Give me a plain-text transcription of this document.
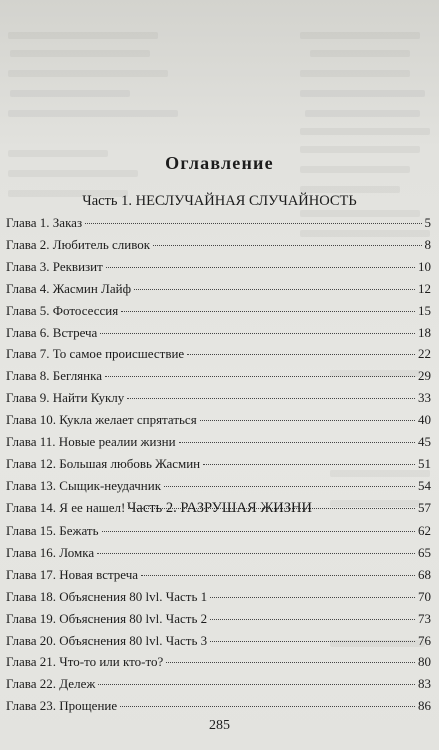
Оглавление
Часть 1. НЕСЛУЧАЙНАЯ СЛУЧАЙНОСТЬ
Глава 1. Заказ	5
Глава 2. Любитель сливок	8
Глава 3. Реквизит	10
Глава 4. Жасмин Лайф	12
Глава 5. Фотосессия	15
Глава 6. Встреча	18
Глава 7. То самое происшествие	22
Глава 8. Беглянка	29
Глава 9. Найти Куклу	33
Глава 10. Кукла желает спрятаться	40
Глава 11. Новые реалии жизни	45
Глава 12. Большая любовь Жасмин	51
Глава 13. Сыщик-неудачник	54
Глава 14. Я ее нашел!	57
Часть 2. РАЗРУШАЯ ЖИЗНИ
Глава 15. Бежать	62
Глава 16. Ломка	65
Глава 17. Новая встреча	68
Глава 18. Объяснения 80 lvl. Часть 1	70
Глава 19. Объяснения 80 lvl. Часть 2	73
Глава 20. Объяснения 80 lvl. Часть 3	76
Глава 21. Что-то или кто-то?	80
Глава 22. Дележ	83
Глава 23. Прощение	86
285
